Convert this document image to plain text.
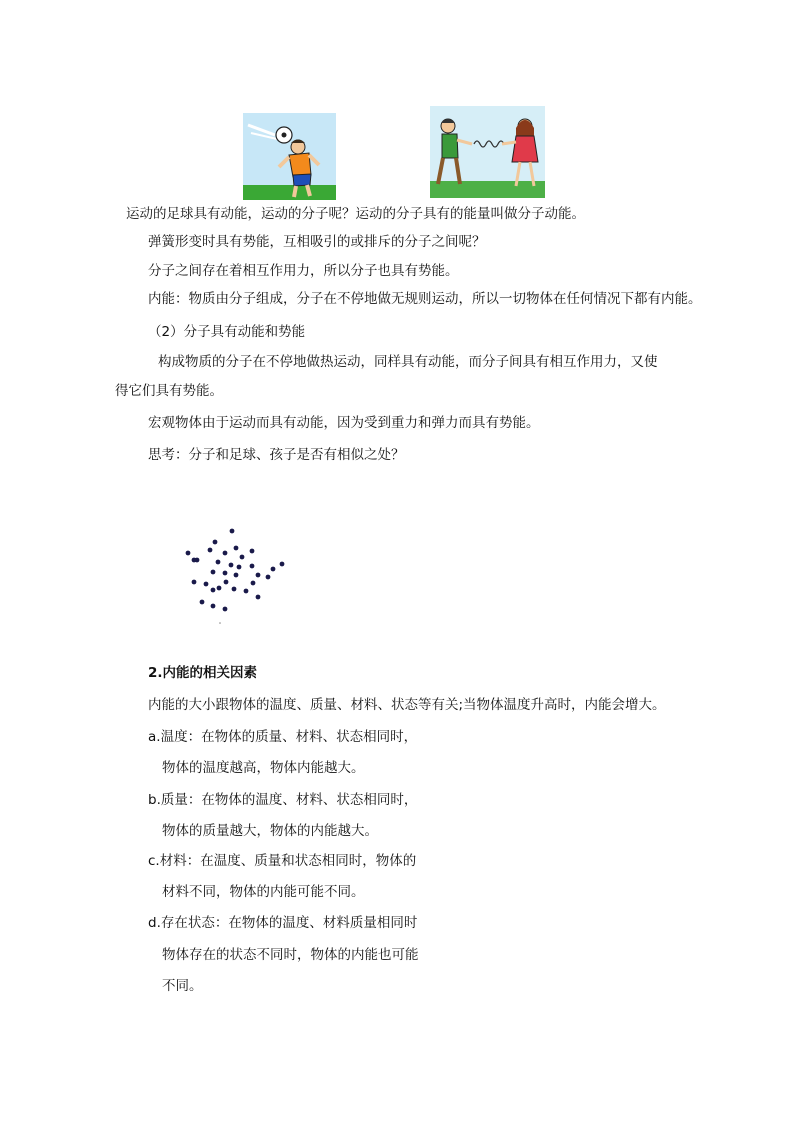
运动的足球具有动能，运动的分子呢？运动的分子具有的能量叫做分子动能。
弹簧形变时具有势能，互相吸引的或排斥的分子之间呢？
分子之间存在着相互作用力，所以分子也具有势能。
内能：物质由分子组成，分子在不停地做无规则运动，所以一切物体在任何情况下都有内能。
（2）分子具有动能和势能
构成物质的分子在不停地做热运动，同样具有动能，而分子间具有相互作用力，又使
得它们具有势能。
宏观物体由于运动而具有动能，因为受到重力和弹力而具有势能。
思考：分子和足球、孩子是否有相似之处？
2.内能的相关因素
内能的大小跟物体的温度、质量、材料、状态等有关;当物体温度升高时，内能会增大。
a.温度：在物体的质量、材料、状态相同时，
物体的温度越高，物体内能越大。
b.质量：在物体的温度、材料、状态相同时，
物体的质量越大，物体的内能越大。
c.材料：在温度、质量和状态相同时，物体的
材料不同，物体的内能可能不同。
d.存在状态：在物体的温度、材料质量相同时
物体存在的状态不同时，物体的内能也可能
不同。
